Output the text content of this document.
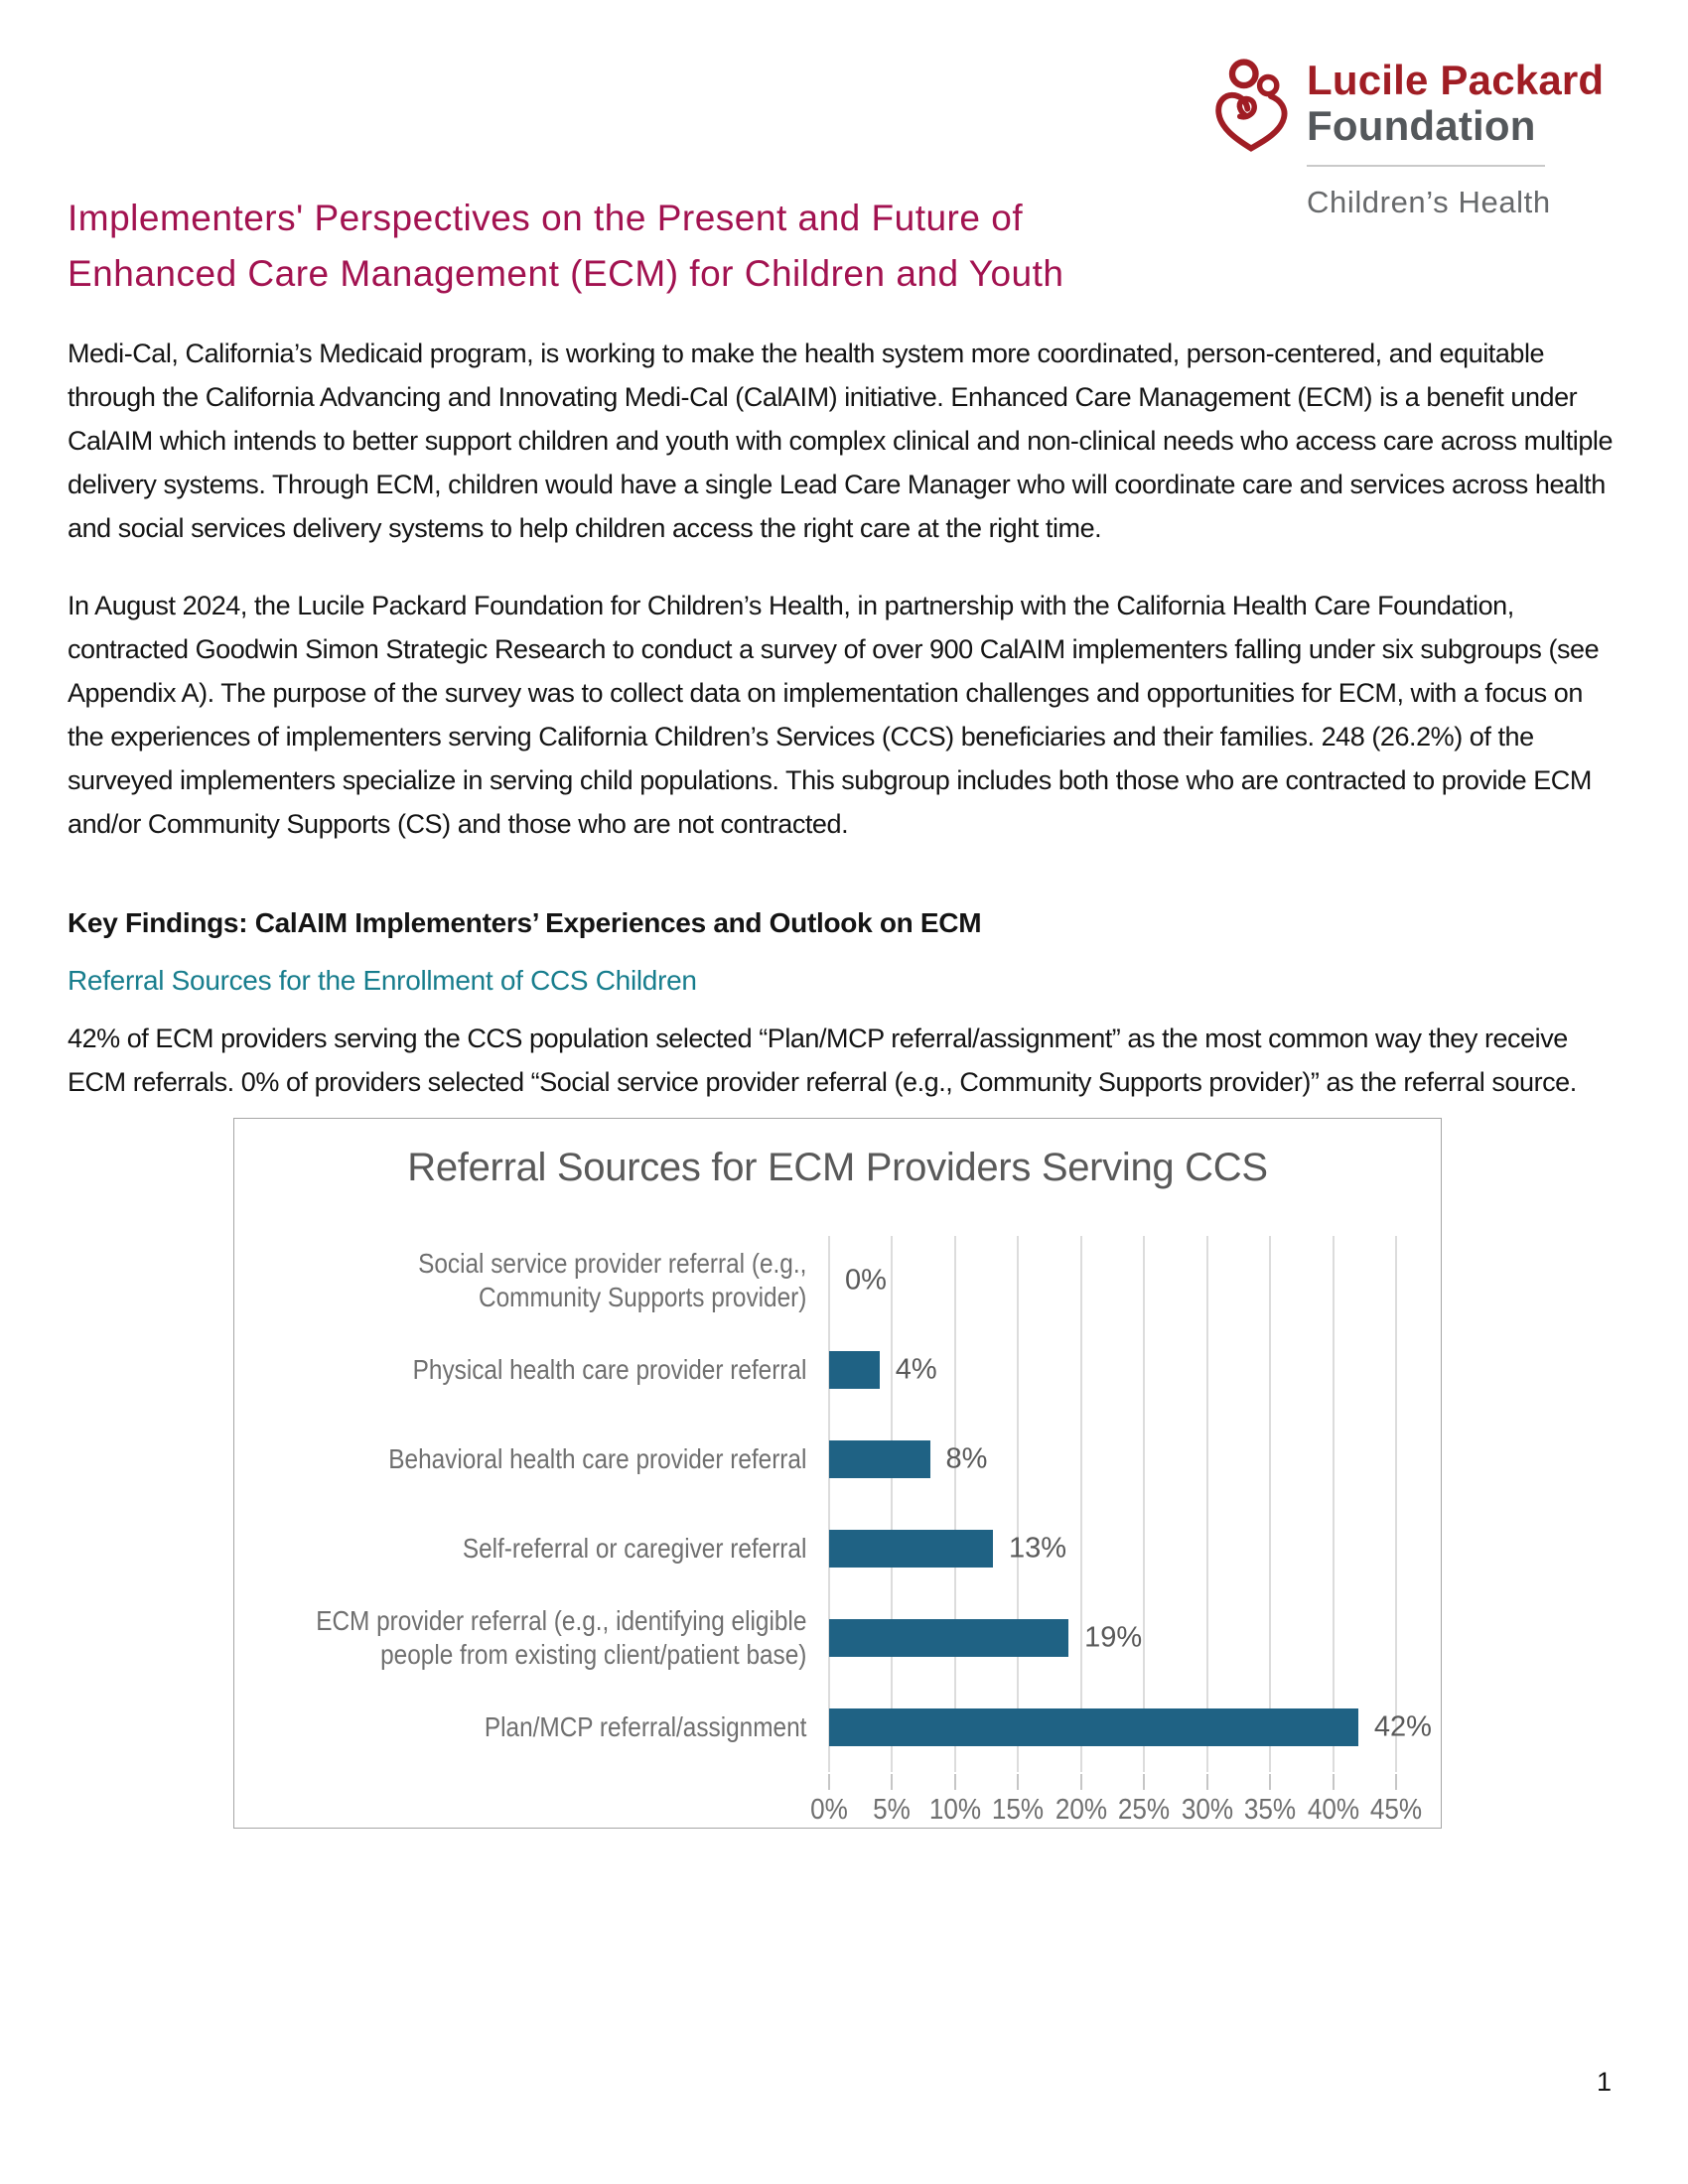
Lucile Packard
Foundation
Children’s Health
Implementers' Perspectives on the Present and Future of
Enhanced Care Management (ECM) for Children and Youth

Medi-Cal, California’s Medicaid program, is working to make the health system more coordinated, person-centered, and equitable through the California Advancing and Innovating Medi-Cal (CalAIM) initiative. Enhanced Care Management (ECM) is a benefit under CalAIM which intends to better support children and youth with complex clinical and non-clinical needs who access care across multiple delivery systems. Through ECM, children would have a single Lead Care Manager who will coordinate care and services across health and social services delivery systems to help children access the right care at the right time.

In August 2024, the Lucile Packard Foundation for Children’s Health, in partnership with the California Health Care Foundation, contracted Goodwin Simon Strategic Research to conduct a survey of over 900 CalAIM implementers falling under six subgroups (see Appendix A). The purpose of the survey was to collect data on implementation challenges and opportunities for ECM, with a focus on the experiences of implementers serving California Children’s Services (CCS) beneficiaries and their families. 248 (26.2%) of the surveyed implementers specialize in serving child populations. This subgroup includes both those who are contracted to provide ECM and/or Community Supports (CS) and those who are not contracted.

Key Findings: CalAIM Implementers’ Experiences and Outlook on ECM
Referral Sources for the Enrollment of CCS Children

42% of ECM providers serving the CCS population selected “Plan/MCP referral/assignment” as the most common way they receive ECM referrals. 0% of providers selected “Social service provider referral (e.g., Community Supports provider)” as the referral source.

Referral Sources for ECM Providers Serving CCS
Social service provider referral (e.g.,
Community Supports provider)
0%
Physical health care provider referral	4%
Behavioral health care provider referral	8%
Self-referral or caregiver referral	13%
ECM provider referral (e.g., identifying eligible
people from existing client/patient base)
19%
Plan/MCP referral/assignment	42%
0% 5% 10% 15% 20% 25% 30% 35% 40% 45%
1
